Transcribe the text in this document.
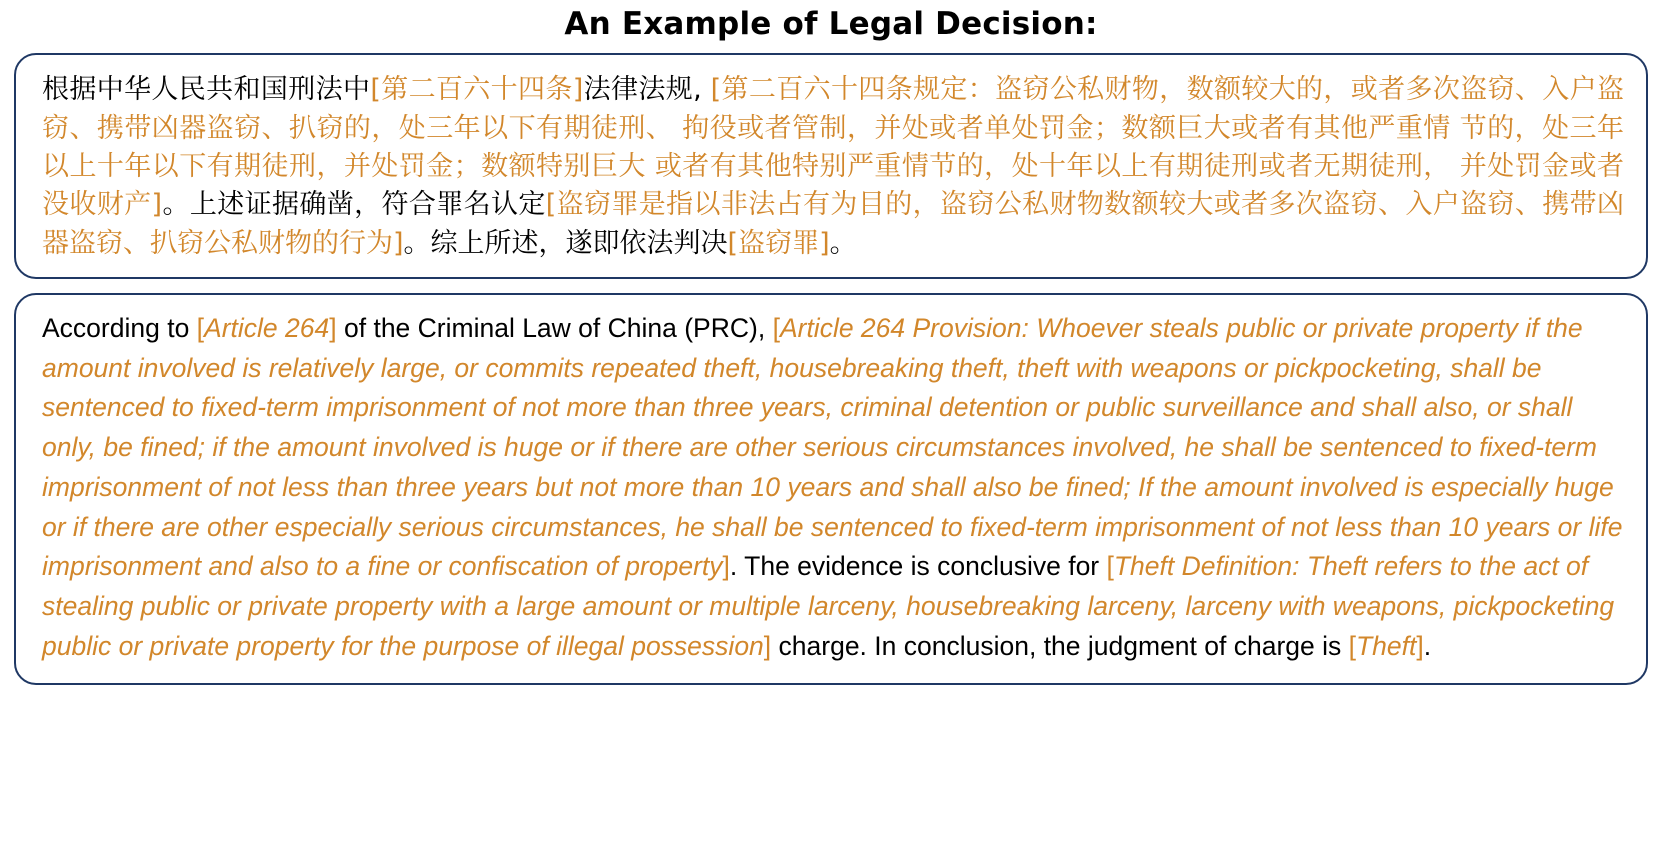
An Example of Legal Decision:
根据中华人民共和国刑法中[第二百六十四条]法律法规, [第二百六十四条规定：盗窃公私财物，数额较大的，或者多次盗窃、入户盗窃、携带凶器盗窃、扒窃的，处三年以下有期徒刑、 拘役或者管制，并处或者单处罚金；数额巨大或者有其他严重情 节的，处三年以上十年以下有期徒刑，并处罚金；数额特别巨大 或者有其他特别严重情节的，处十年以上有期徒刑或者无期徒刑， 并处罚金或者没收财产]。上述证据确凿，符合罪名认定[盗窃罪是指以非法占有为目的，盗窃公私财物数额较大或者多次盗窃、入户盗窃、携带凶器盗窃、扒窃公私财物的行为]。综上所述，遂即依法判决[盗窃罪]。
According to [Article 264] of the Criminal Law of China (PRC), [Article 264 Provision: Whoever steals public or private property if the amount involved is relatively large, or commits repeated theft, housebreaking theft, theft with weapons or pickpocketing, shall be sentenced to fixed-term imprisonment of not more than three years, criminal detention or public surveillance and shall also, or shall only, be fined; if the amount involved is huge or if there are other serious circumstances involved, he shall be sentenced to fixed-term imprisonment of not less than three years but not more than 10 years and shall also be fined; If the amount involved is especially huge or if there are other especially serious circumstances, he shall be sentenced to fixed-term imprisonment of not less than 10 years or life imprisonment and also to a fine or confiscation of property]. The evidence is conclusive for [Theft Definition: Theft refers to the act of stealing public or private property with a large amount or multiple larceny, housebreaking larceny, larceny with weapons, pickpocketing public or private property for the purpose of illegal possession] charge. In conclusion, the judgment of charge is [Theft].
